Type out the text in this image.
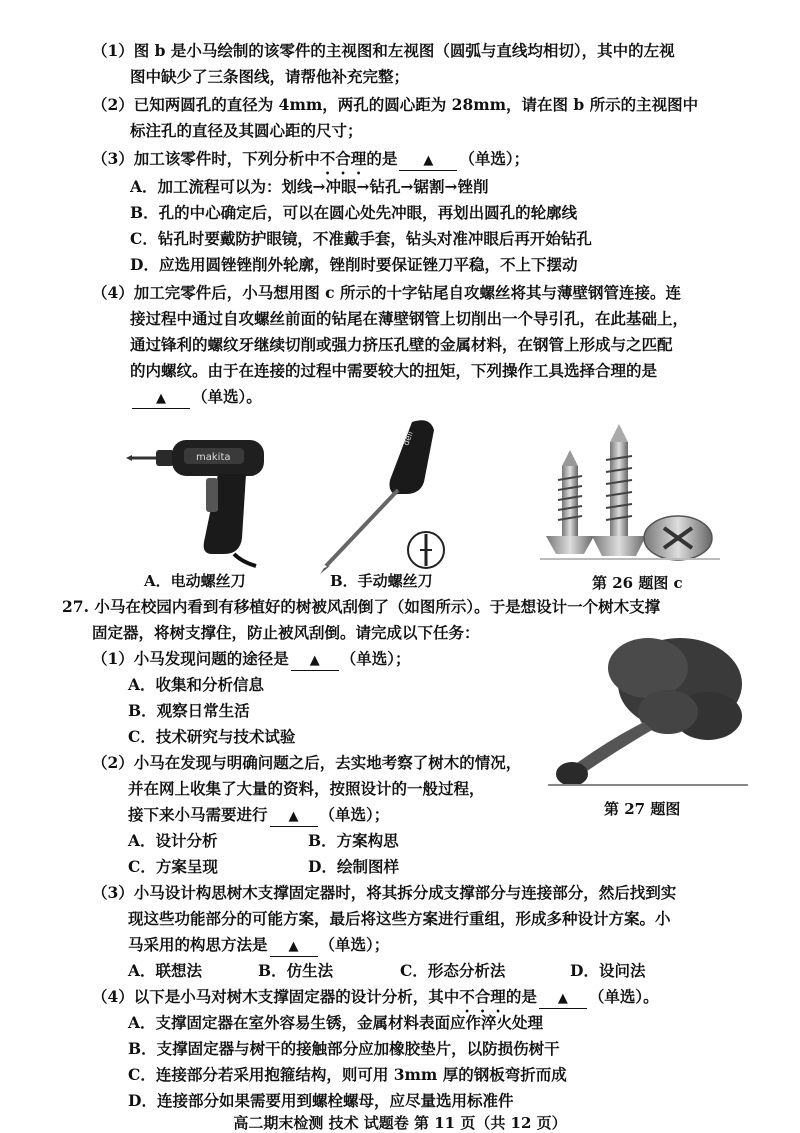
（1）图 b 是小马绘制的该零件的主视图和左视图（圆弧与直线均相切），其中的左视
图中缺少了三条图线，请帮他补充完整；
（2）已知两圆孔的直径为 4mm，两孔的圆心距为 28mm，请在图 b 所示的主视图中
标注孔的直径及其圆心距的尺寸；
（3）加工该零件时，下列分析中不合理的是 ▲ （单选）；
A．加工流程可以为：划线→冲眼→钻孔→锯割→锉削
B．孔的中心确定后，可以在圆心处先冲眼，再划出圆孔的轮廓线
C．钻孔时要戴防护眼镜，不准戴手套，钻头对准冲眼后再开始钻孔
D．应选用圆锉锉削外轮廓，锉削时要保证锉刀平稳，不上下摆动
（4）加工完零件后，小马想用图 c 所示的十字钻尾自攻螺丝将其与薄壁钢管连接。连
接过程中通过自攻螺丝前面的钻尾在薄壁钢管上切削出一个导引孔，在此基础上，
通过锋利的螺纹牙继续切削或强力挤压孔壁的金属材料，在钢管上形成与之匹配
的内螺纹。由于在连接的过程中需要较大的扭矩，下列操作工具选择合理的是
▲ （单选）。
makita
deli
A．电动螺丝刀	B．手动螺丝刀	第 26 题图 c
27. 小马在校园内看到有移植好的树被风刮倒了（如图所示）。于是想设计一个树木支撑
固定器，将树支撑住，防止被风刮倒。请完成以下任务：
（1）小马发现问题的途径是 ▲ （单选）；
A．收集和分析信息
B．观察日常生活
C．技术研究与技术试验
第 27 题图
（2）小马在发现与明确问题之后，去实地考察了树木的情况，
并在网上收集了大量的资料，按照设计的一般过程，
接下来小马需要进行 ▲ （单选）；
A．设计分析	B．方案构思
C．方案呈现	D．绘制图样
（3）小马设计构思树木支撑固定器时，将其拆分成支撑部分与连接部分，然后找到实
现这些功能部分的可能方案，最后将这些方案进行重组，形成多种设计方案。小
马采用的构思方法是 ▲ （单选）；
A．联想法	B．仿生法	C．形态分析法	D．设问法
（4）以下是小马对树木支撑固定器的设计分析，其中不合理的是 ▲ （单选）。
A．支撑固定器在室外容易生锈，金属材料表面应作淬火处理
B．支撑固定器与树干的接触部分应加橡胶垫片，以防损伤树干
C．连接部分若采用抱箍结构，则可用 3mm 厚的钢板弯折而成
D．连接部分如果需要用到螺栓螺母，应尽量选用标准件
高二期末检测 技术 试题卷 第 11 页（共 12 页）
